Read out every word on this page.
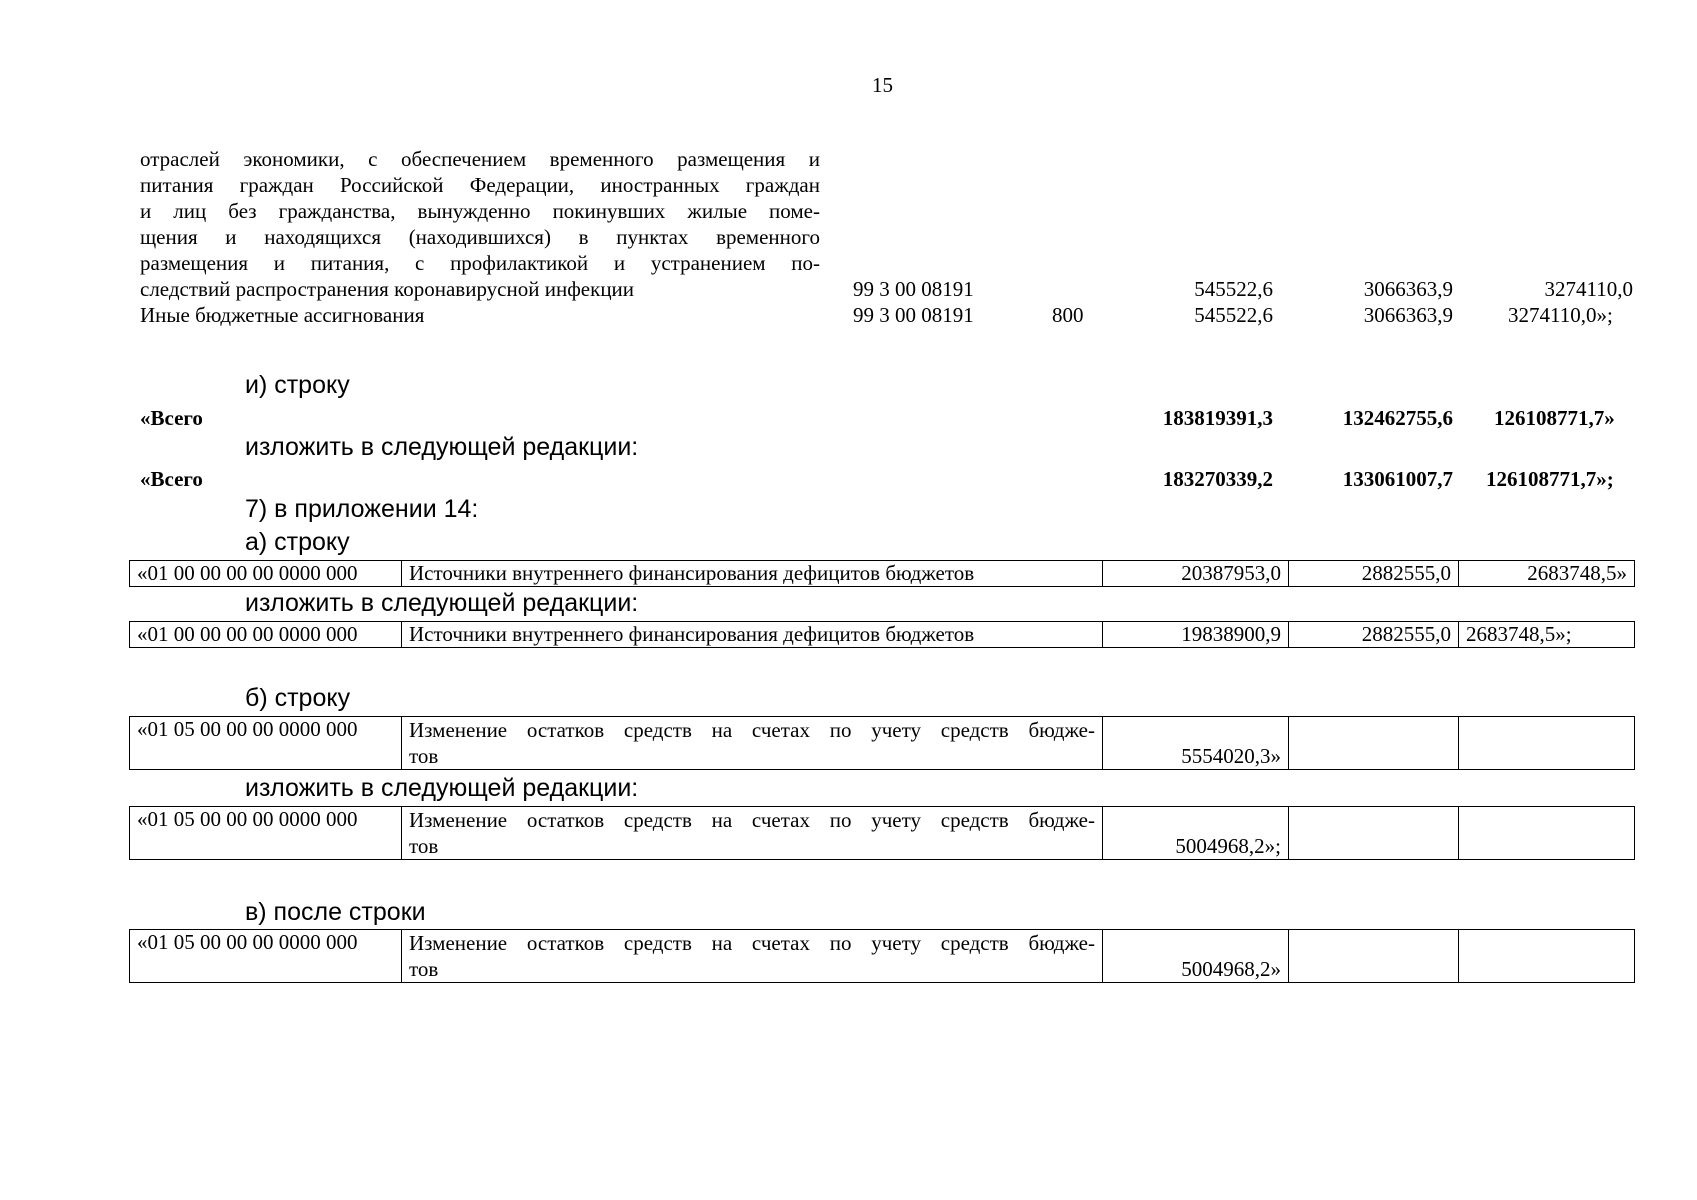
15
отраслей экономики, с обеспечением временного размещения и
питания граждан Российской Федерации, иностранных граждан
и лиц без гражданства, вынужденно покинувших жилые поме-
щения и находящихся (находившихся) в пунктах временного
размещения и питания, с профилактикой и устранением по-
следствий распространения коронавирусной инфекции	99 3 00 08191	545522,6	3066363,9	3274110,0
Иные бюджетные ассигнования	99 3 00 08191	800	545522,6	3066363,9	3274110,0»;
и) строку
«Всего	183819391,3	132462755,6 126108771,7»
изложить в следующей редакции:
«Всего	183270339,2	133061007,7 126108771,7»;
7) в приложении 14:
а) строку
«01 00 00 00 00 0000 000	Источники внутреннего финансирования дефицитов бюджетов	20387953,0	2882555,0	2683748,5»
изложить в следующей редакции:
«01 00 00 00 00 0000 000	Источники внутреннего финансирования дефицитов бюджетов	19838900,9	2882555,0	2683748,5»;
б) строку
«01 05 00 00 00 0000 000	Изменение остатков средств на счетах по учету средств бюдже-
тов	5554020,3»		
изложить в следующей редакции:
«01 05 00 00 00 0000 000	Изменение остатков средств на счетах по учету средств бюдже-
тов	5004968,2»;		
в) после строки
«01 05 00 00 00 0000 000	Изменение остатков средств на счетах по учету средств бюдже-
тов	5004968,2»		
